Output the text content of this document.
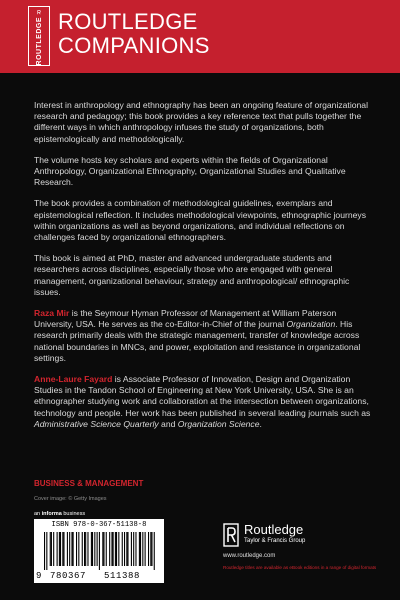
ROUTLEDGE ROUTLEDGE
COMPANIONS

Interest in anthropology and ethnography has been an ongoing feature of organizational research and pedagogy; this book provides a key reference text that pulls together the different ways in which anthropology infuses the study of organizations, both epistemologically and methodologically.

The volume hosts key scholars and experts within the fields of Organizational Anthropology, Organizational Ethnography, Organizational Studies and Qualitative Research.

The book provides a combination of methodological guidelines, exemplars and epistemological reflection. It includes methodological viewpoints, ethnographic journeys within organizations as well as beyond organizations, and individual reflections on challenges faced by organizational ethnographers.

This book is aimed at PhD, master and advanced undergraduate students and researchers across disciplines, especially those who are engaged with general management, organizational behaviour, strategy and anthropological/ ethnographic issues.

Raza Mir is the Seymour Hyman Professor of Management at William Paterson University, USA. He serves as the co-Editor-in-Chief of the journal Organization. His research primarily deals with the strategic management, transfer of knowledge across national boundaries in MNCs, and power, exploitation and resistance in organizational settings.

Anne-Laure Fayard is Associate Professor of Innovation, Design and Organization Studies in the Tandon School of Engineering at New York University, USA. She is an ethnographer studying work and collaboration at the intersection between organizations, technology and people. Her work has been published in several leading journals such as Administrative Science Quarterly and Organization Science.

BUSINESS & MANAGEMENT
Cover image: © Getty Images
an informa business
ISBN 978-0-367-51138-8
9 780367 511388
Routledge
Taylor & Francis Group
www.routledge.com
Routledge titles are available as eBook editions in a range of digital formats
